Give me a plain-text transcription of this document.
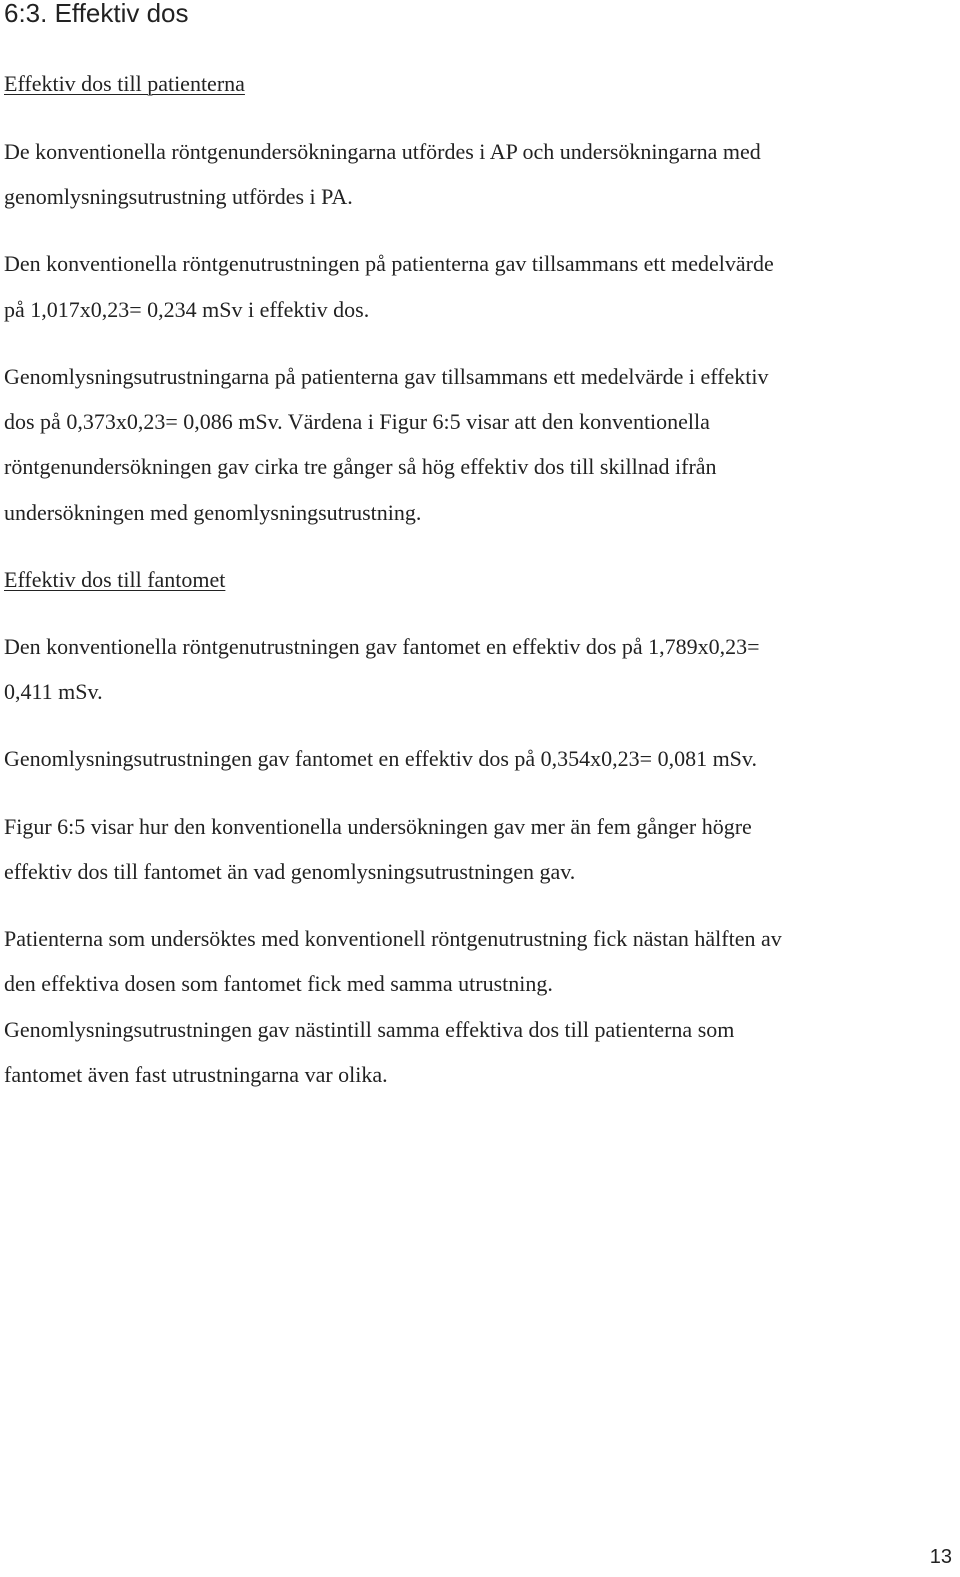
6:3. Effektiv dos

Effektiv dos till patienterna

De konventionella röntgenundersökningarna utfördes i AP och undersökningarna med

genomlysningsutrustning utfördes i PA.

Den konventionella röntgenutrustningen på patienterna gav tillsammans ett medelvärde

på 1,017x0,23= 0,234 mSv i effektiv dos.

Genomlysningsutrustningarna på patienterna gav tillsammans ett medelvärde i effektiv

dos på 0,373x0,23= 0,086 mSv. Värdena i Figur 6:5 visar att den konventionella

röntgenundersökningen gav cirka tre gånger så hög effektiv dos till skillnad ifrån

undersökningen med genomlysningsutrustning.

Effektiv dos till fantomet

Den konventionella röntgenutrustningen gav fantomet en effektiv dos på 1,789x0,23=

0,411 mSv.

Genomlysningsutrustningen gav fantomet en effektiv dos på 0,354x0,23= 0,081 mSv.

Figur 6:5 visar hur den konventionella undersökningen gav mer än fem gånger högre

effektiv dos till fantomet än vad genomlysningsutrustningen gav.

Patienterna som undersöktes med konventionell röntgenutrustning fick nästan hälften av

den effektiva dosen som fantomet fick med samma utrustning.

Genomlysningsutrustningen gav nästintill samma effektiva dos till patienterna som

fantomet även fast utrustningarna var olika.

13
